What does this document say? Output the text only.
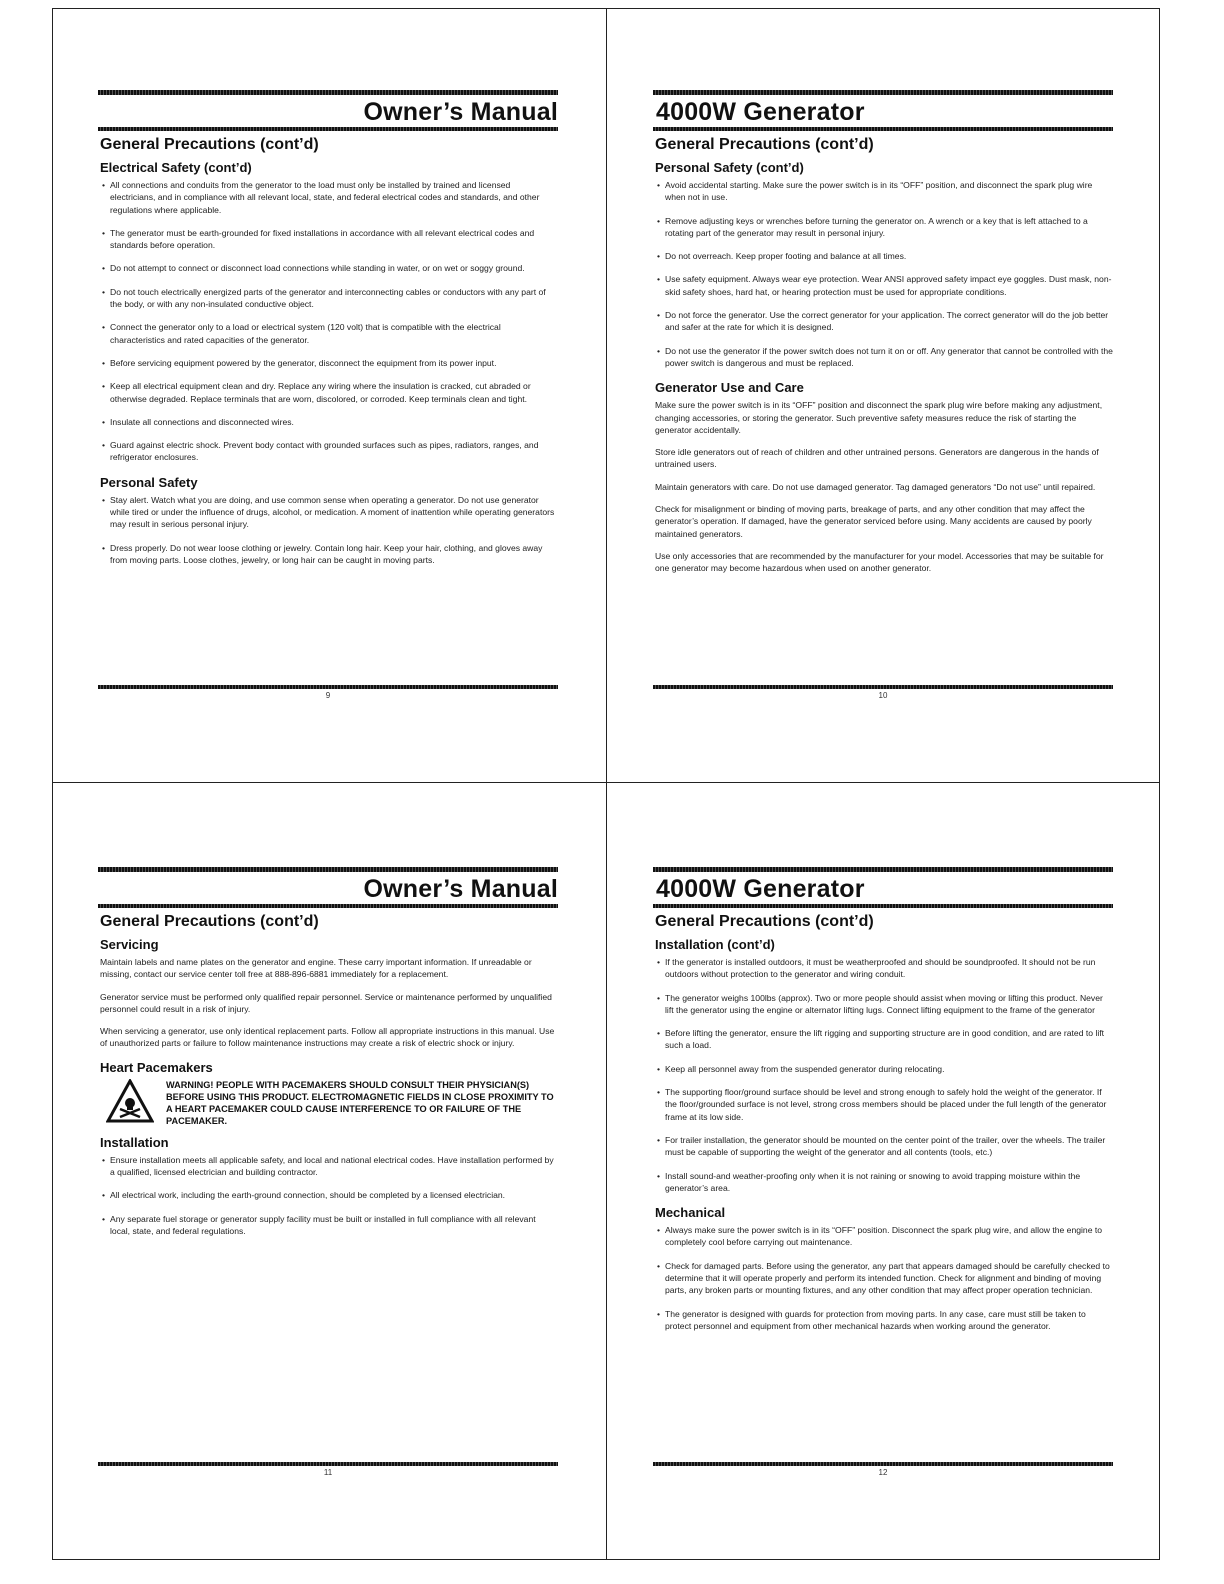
Owner’s Manual
General Precautions (cont’d)
Electrical Safety (cont’d)
• All connections and conduits from the generator to the load must only be installed by trained and licensed electricians, and in compliance with all relevant local, state, and federal electrical codes and standards, and other regulations where applicable.
• The generator must be earth-grounded for fixed installations in accordance with all relevant electrical codes and standards before operation.
• Do not attempt to connect or disconnect load connections while standing in water, or on wet or soggy ground.
• Do not touch electrically energized parts of the generator and interconnecting cables or conductors with any part of the body, or with any non-insulated conductive object.
• Connect the generator only to a load or electrical system (120 volt) that is compatible with the electrical characteristics and rated capacities of the generator.
• Before servicing equipment powered by the generator, disconnect the equipment from its power input.
• Keep all electrical equipment clean and dry. Replace any wiring where the insulation is cracked, cut abraded or otherwise degraded. Replace terminals that are worn, discolored, or corroded. Keep terminals clean and tight.
• Insulate all connections and disconnected wires.
• Guard against electric shock. Prevent body contact with grounded surfaces such as pipes, radiators, ranges, and refrigerator enclosures.
Personal Safety
• Stay alert. Watch what you are doing, and use common sense when operating a generator. Do not use generator while tired or under the influence of drugs, alcohol, or medication. A moment of inattention while operating generators may result in serious personal injury.
• Dress properly. Do not wear loose clothing or jewelry. Contain long hair. Keep your hair, clothing, and gloves away from moving parts. Loose clothes, jewelry, or long hair can be caught in moving parts.
9
4000W Generator
General Precautions (cont’d)
Personal Safety (cont’d)
• Avoid accidental starting. Make sure the power switch is in its “OFF” position, and disconnect the spark plug wire when not in use.
• Remove adjusting keys or wrenches before turning the generator on. A wrench or a key that is left attached to a rotating part of the generator may result in personal injury.
• Do not overreach. Keep proper footing and balance at all times.
• Use safety equipment. Always wear eye protection. Wear ANSI approved safety impact eye goggles. Dust mask, non-skid safety shoes, hard hat, or hearing protection must be used for appropriate conditions.
• Do not force the generator. Use the correct generator for your application. The correct generator will do the job better and safer at the rate for which it is designed.
• Do not use the generator if the power switch does not turn it on or off. Any generator that cannot be controlled with the power switch is dangerous and must be replaced.
Generator Use and Care

Make sure the power switch is in its “OFF” position and disconnect the spark plug wire before making any adjustment, changing accessories, or storing the generator. Such preventive safety measures reduce the risk of starting the generator accidentally.

Store idle generators out of reach of children and other untrained persons. Generators are dangerous in the hands of untrained users.

Maintain generators with care. Do not use damaged generator. Tag damaged generators “Do not use” until repaired.

Check for misalignment or binding of moving parts, breakage of parts, and any other condition that may affect the generator’s operation. If damaged, have the generator serviced before using. Many accidents are caused by poorly maintained generators.

Use only accessories that are recommended by the manufacturer for your model. Accessories that may be suitable for one generator may become hazardous when used on another generator.

10
Owner’s Manual
General Precautions (cont’d)
Servicing

Maintain labels and name plates on the generator and engine. These carry important information. If unreadable or missing, contact our service center toll free at 888-896-6881 immediately for a replacement.

Generator service must be performed only qualified repair personnel. Service or maintenance performed by unqualified personnel could result in a risk of injury.

When servicing a generator, use only identical replacement parts. Follow all appropriate instructions in this manual. Use of unauthorized parts or failure to follow maintenance instructions may create a risk of electric shock or injury.

Heart Pacemakers
WARNING! PEOPLE WITH PACEMAKERS SHOULD CONSULT THEIR PHYSICIAN(S) BEFORE USING THIS PRODUCT. ELECTROMAGNETIC FIELDS IN CLOSE PROXIMITY TO A HEART PACEMAKER COULD CAUSE INTERFERENCE TO OR FAILURE OF THE PACEMAKER.
Installation
• Ensure installation meets all applicable safety, and local and national electrical codes. Have installation performed by a qualified, licensed electrician and building contractor.
• All electrical work, including the earth-ground connection, should be completed by a licensed electrician.
• Any separate fuel storage or generator supply facility must be built or installed in full compliance with all relevant local, state, and federal regulations.
11
4000W Generator
General Precautions (cont’d)
Installation (cont’d)
• If the generator is installed outdoors, it must be weatherproofed and should be soundproofed. It should not be run outdoors without protection to the generator and wiring conduit.
• The generator weighs 100lbs (approx). Two or more people should assist when moving or lifting this product. Never lift the generator using the engine or alternator lifting lugs. Connect lifting equipment to the frame of the generator
• Before lifting the generator, ensure the lift rigging and supporting structure are in good condition, and are rated to lift such a load.
• Keep all personnel away from the suspended generator during relocating.
• The supporting floor/ground surface should be level and strong enough to safely hold the weight of the generator. If the floor/grounded surface is not level, strong cross members should be placed under the full length of the generator frame at its low side.
• For trailer installation, the generator should be mounted on the center point of the trailer, over the wheels. The trailer must be capable of supporting the weight of the generator and all contents (tools, etc.)
• Install sound-and weather-proofing only when it is not raining or snowing to avoid trapping moisture within the generator’s area.
Mechanical
• Always make sure the power switch is in its “OFF” position. Disconnect the spark plug wire, and allow the engine to completely cool before carrying out maintenance.
• Check for damaged parts. Before using the generator, any part that appears damaged should be carefully checked to determine that it will operate properly and perform its intended function. Check for alignment and binding of moving parts, any broken parts or mounting fixtures, and any other condition that may affect proper operation technician.
• The generator is designed with guards for protection from moving parts. In any case, care must still be taken to protect personnel and equipment from other mechanical hazards when working around the generator.
12
